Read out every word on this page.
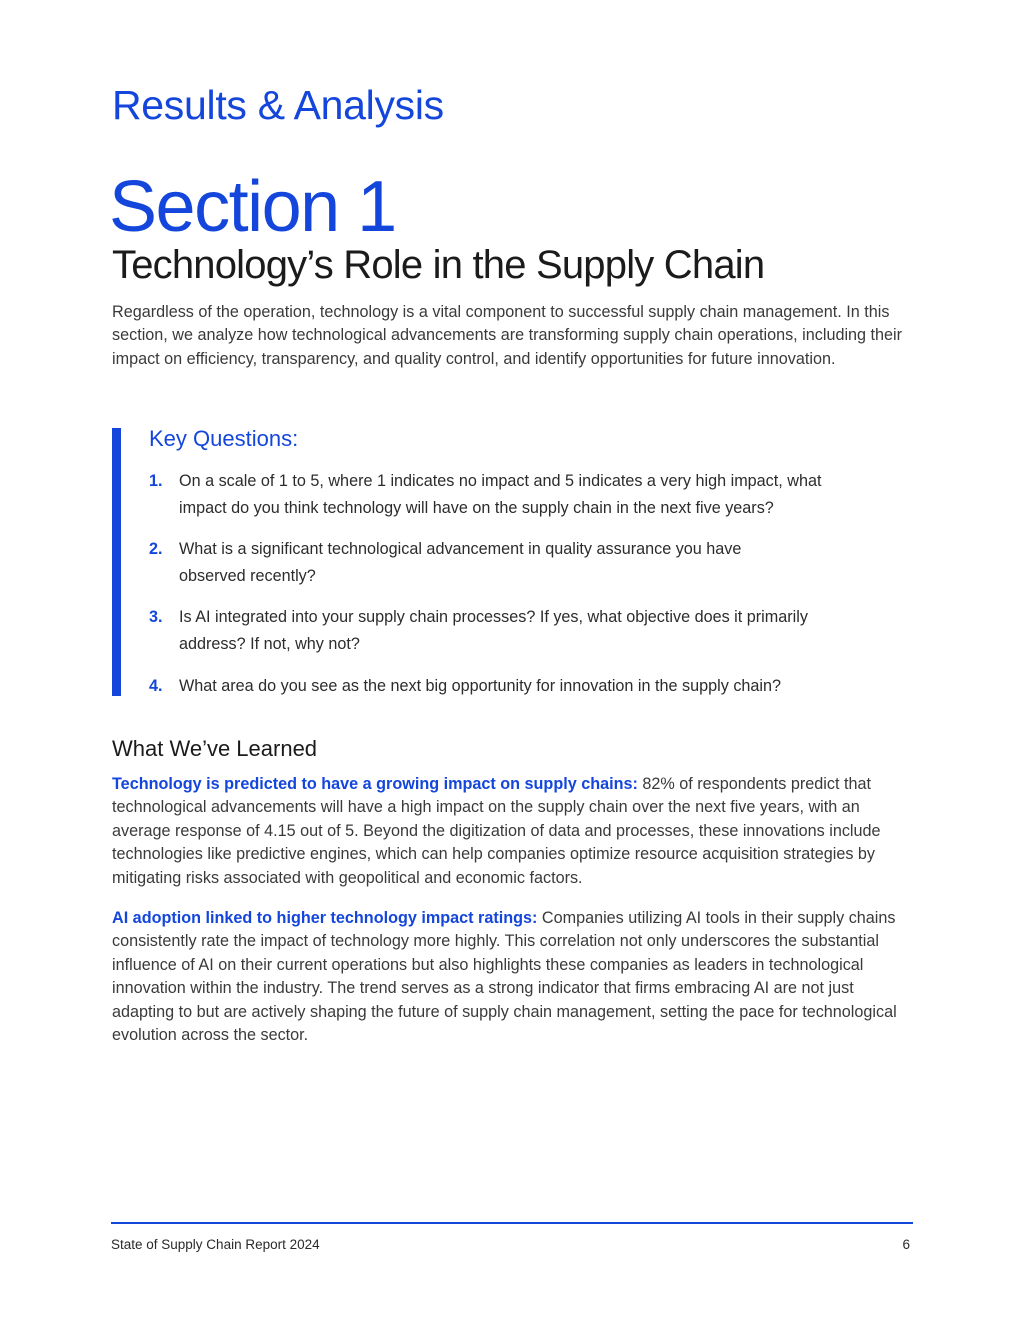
Results & Analysis
Section 1
Technology’s Role in the Supply Chain

Regardless of the operation, technology is a vital component to successful supply chain management. In this section, we analyze how technological advancements are transforming supply chain operations, including their impact on efficiency, transparency, and quality control, and identify opportunities for future innovation.

Key Questions:
1. On a scale of 1 to 5, where 1 indicates no impact and 5 indicates a very high impact, what impact do you think technology will have on the supply chain in the next five years?
2. What is a significant technological advancement in quality assurance you have observed recently?
3. Is AI integrated into your supply chain processes? If yes, what objective does it primarily address? If not, why not?
4. What area do you see as the next big opportunity for innovation in the supply chain?
What We’ve Learned

Technology is predicted to have a growing impact on supply chains: 82% of respondents predict that technological advancements will have a high impact on the supply chain over the next five years, with an average response of 4.15 out of 5. Beyond the digitization of data and processes, these innovations include technologies like predictive engines, which can help companies optimize resource acquisition strategies by mitigating risks associated with geopolitical and economic factors.

AI adoption linked to higher technology impact ratings: Companies utilizing AI tools in their supply chains consistently rate the impact of technology more highly. This correlation not only underscores the substantial influence of AI on their current operations but also highlights these companies as leaders in technological innovation within the industry. The trend serves as a strong indicator that firms embracing AI are not just adapting to but are actively shaping the future of supply chain management, setting the pace for technological evolution across the sector.

State of Supply Chain Report 2024	6
